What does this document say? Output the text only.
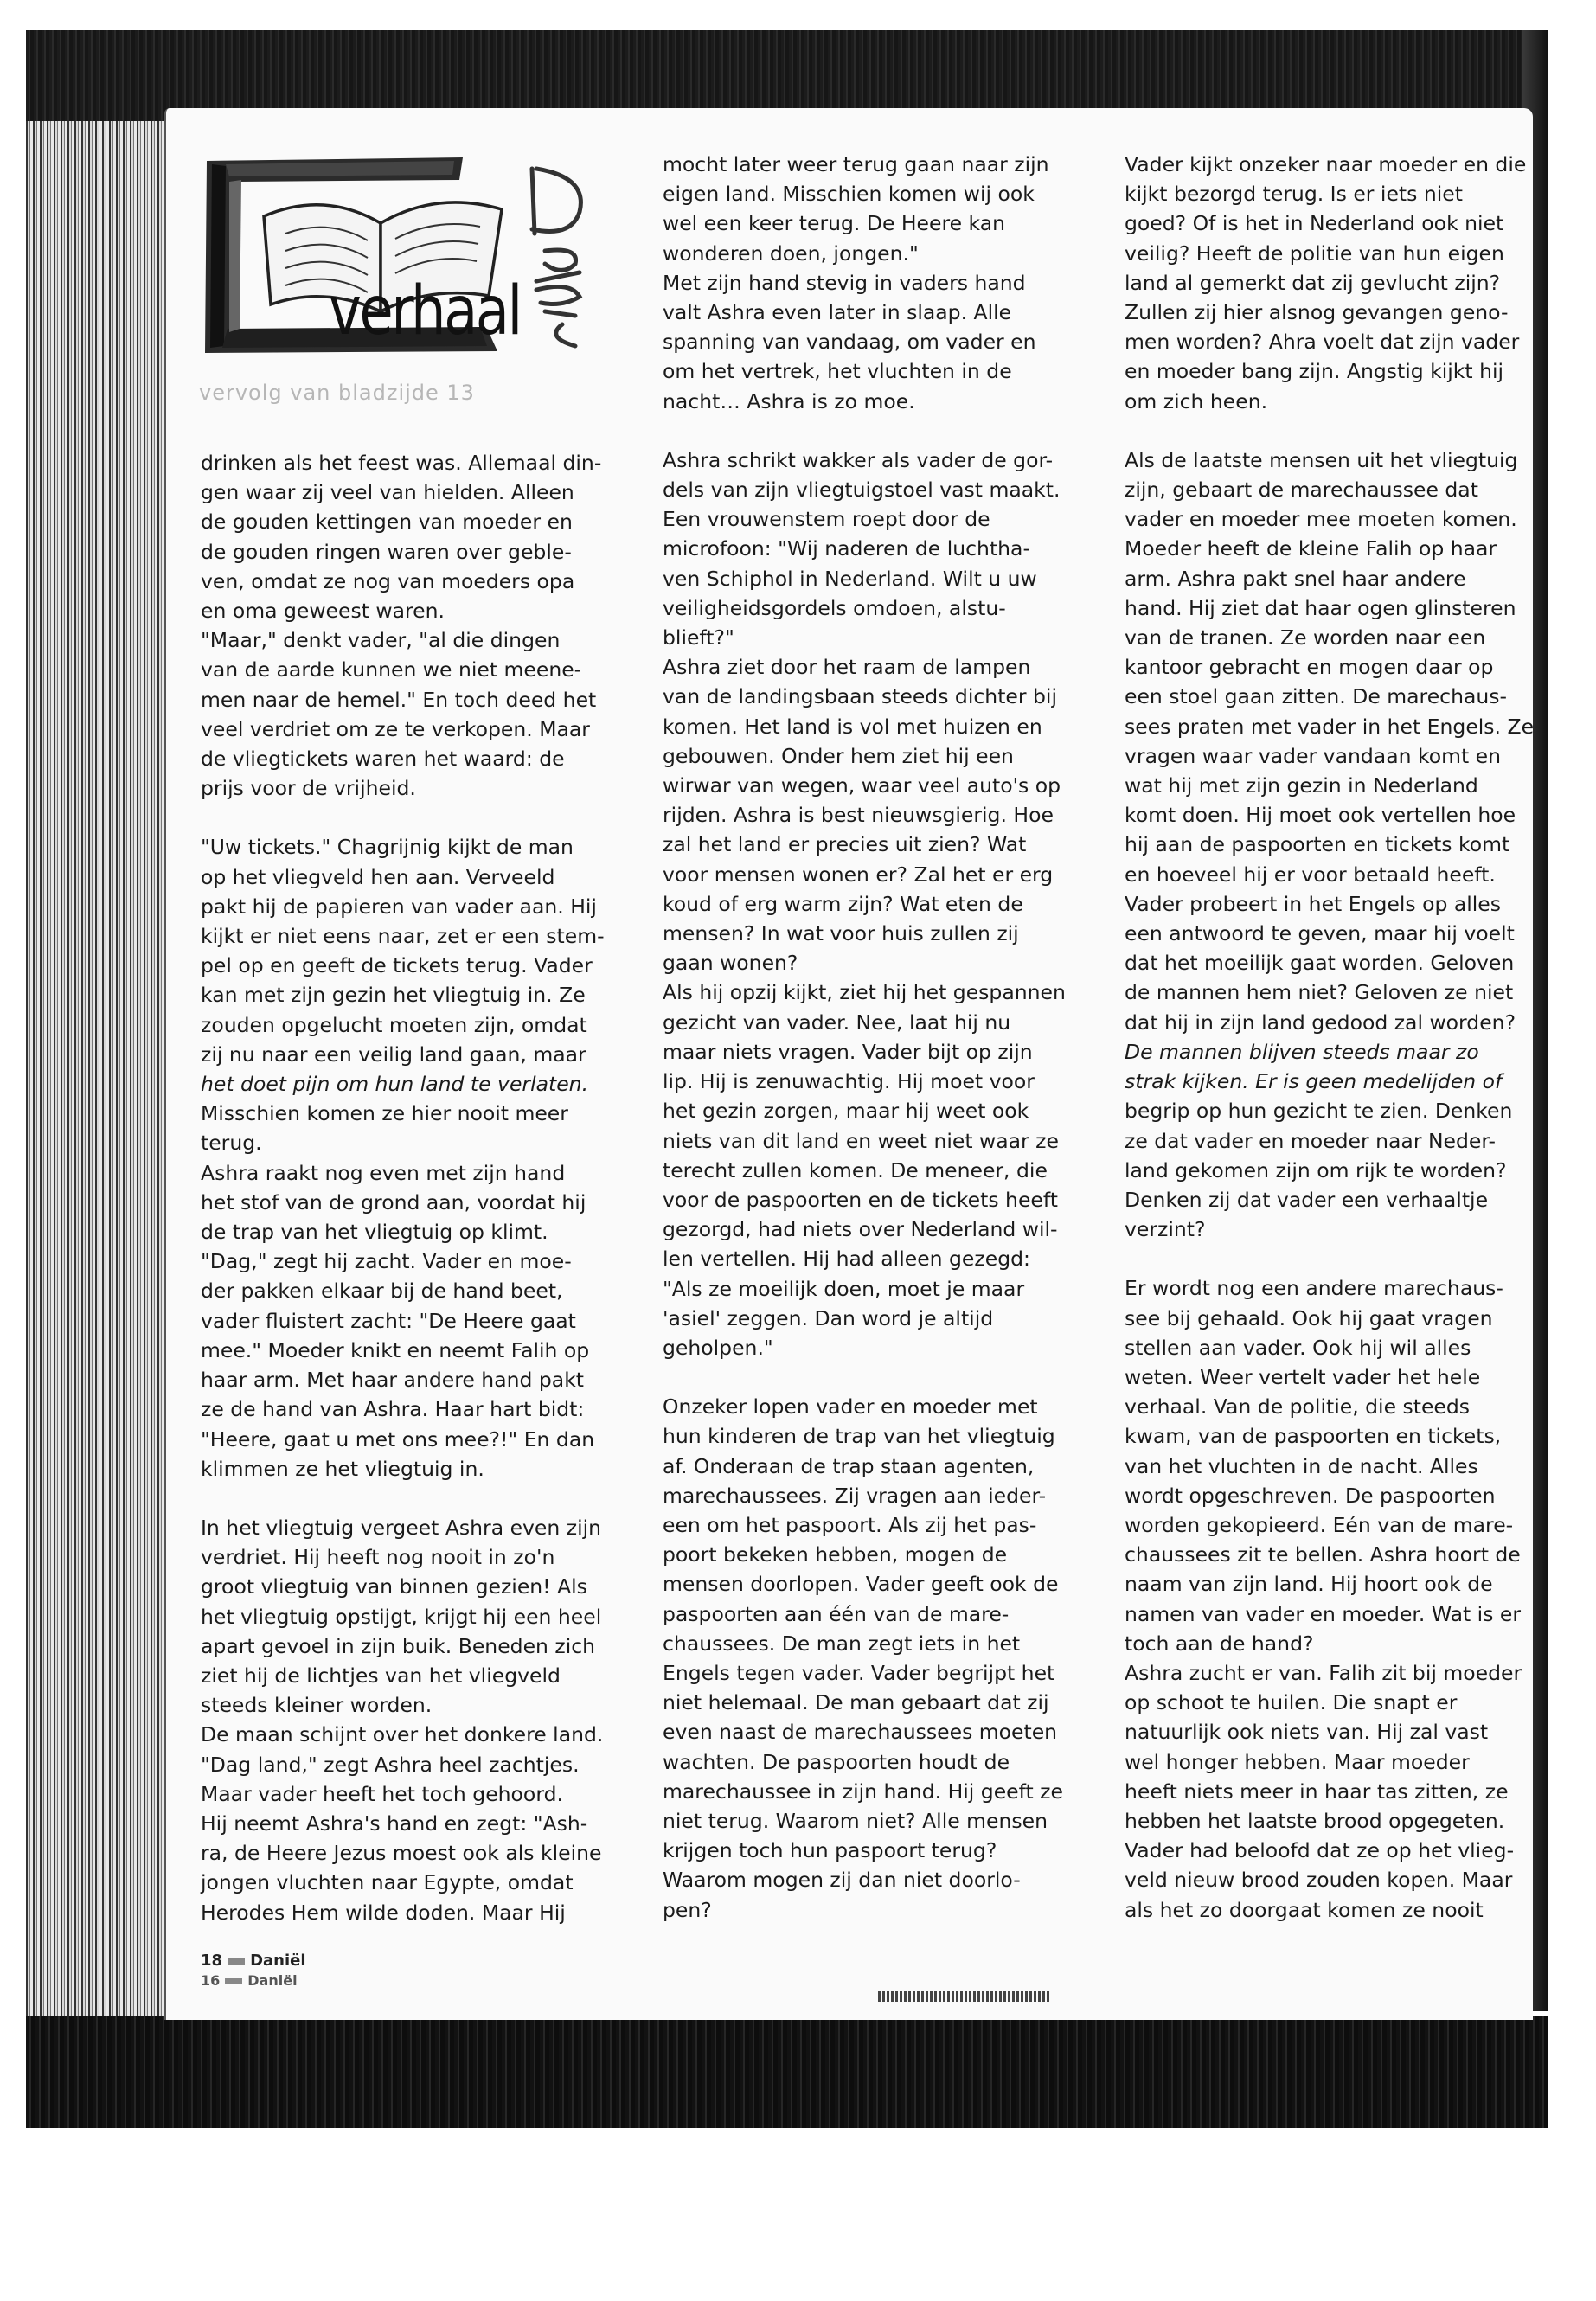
verhaal
vervolg van bladzijde 13

drinken als het feest was. Allemaal din-

gen waar zij veel van hielden. Alleen

de gouden kettingen van moeder en

de gouden ringen waren over geble-

ven, omdat ze nog van moeders opa

en oma geweest waren.

"Maar," denkt vader, "al die dingen

van de aarde kunnen we niet meene-

men naar de hemel." En toch deed het

veel verdriet om ze te verkopen. Maar

de vliegtickets waren het waard: de

prijs voor de vrijheid.

"Uw tickets." Chagrijnig kijkt de man

op het vliegveld hen aan. Verveeld

pakt hij de papieren van vader aan. Hij

kijkt er niet eens naar, zet er een stem-

pel op en geeft de tickets terug. Vader

kan met zijn gezin het vliegtuig in. Ze

zouden opgelucht moeten zijn, omdat

zij nu naar een veilig land gaan, maar

het doet pijn om hun land te verlaten.

Misschien komen ze hier nooit meer

terug.

Ashra raakt nog even met zijn hand

het stof van de grond aan, voordat hij

de trap van het vliegtuig op klimt.

"Dag," zegt hij zacht. Vader en moe-

der pakken elkaar bij de hand beet,

vader fluistert zacht: "De Heere gaat

mee." Moeder knikt en neemt Falih op

haar arm. Met haar andere hand pakt

ze de hand van Ashra. Haar hart bidt:

"Heere, gaat u met ons mee?!" En dan

klimmen ze het vliegtuig in.

In het vliegtuig vergeet Ashra even zijn

verdriet. Hij heeft nog nooit in zo'n

groot vliegtuig van binnen gezien! Als

het vliegtuig opstijgt, krijgt hij een heel

apart gevoel in zijn buik. Beneden zich

ziet hij de lichtjes van het vliegveld

steeds kleiner worden.

De maan schijnt over het donkere land.

"Dag land," zegt Ashra heel zachtjes.

Maar vader heeft het toch gehoord.

Hij neemt Ashra's hand en zegt: "Ash-

ra, de Heere Jezus moest ook als kleine

jongen vluchten naar Egypte, omdat

Herodes Hem wilde doden. Maar Hij

mocht later weer terug gaan naar zijn

eigen land. Misschien komen wij ook

wel een keer terug. De Heere kan

wonderen doen, jongen."

Met zijn hand stevig in vaders hand

valt Ashra even later in slaap. Alle

spanning van vandaag, om vader en

om het vertrek, het vluchten in de

nacht… Ashra is zo moe.

Ashra schrikt wakker als vader de gor-

dels van zijn vliegtuigstoel vast maakt.

Een vrouwenstem roept door de

microfoon: "Wij naderen de luchtha-

ven Schiphol in Nederland. Wilt u uw

veiligheidsgordels omdoen, alstu-

blieft?"

Ashra ziet door het raam de lampen

van de landingsbaan steeds dichter bij

komen. Het land is vol met huizen en

gebouwen. Onder hem ziet hij een

wirwar van wegen, waar veel auto's op

rijden. Ashra is best nieuwsgierig. Hoe

zal het land er precies uit zien? Wat

voor mensen wonen er? Zal het er erg

koud of erg warm zijn? Wat eten de

mensen? In wat voor huis zullen zij

gaan wonen?

Als hij opzij kijkt, ziet hij het gespannen

gezicht van vader. Nee, laat hij nu

maar niets vragen. Vader bijt op zijn

lip. Hij is zenuwachtig. Hij moet voor

het gezin zorgen, maar hij weet ook

niets van dit land en weet niet waar ze

terecht zullen komen. De meneer, die

voor de paspoorten en de tickets heeft

gezorgd, had niets over Nederland wil-

len vertellen. Hij had alleen gezegd:

"Als ze moeilijk doen, moet je maar

'asiel' zeggen. Dan word je altijd

geholpen."

Onzeker lopen vader en moeder met

hun kinderen de trap van het vliegtuig

af. Onderaan de trap staan agenten,

marechaussees. Zij vragen aan ieder-

een om het paspoort. Als zij het pas-

poort bekeken hebben, mogen de

mensen doorlopen. Vader geeft ook de

paspoorten aan één van de mare-

chaussees. De man zegt iets in het

Engels tegen vader. Vader begrijpt het

niet helemaal. De man gebaart dat zij

even naast de marechaussees moeten

wachten. De paspoorten houdt de

marechaussee in zijn hand. Hij geeft ze

niet terug. Waarom niet? Alle mensen

krijgen toch hun paspoort terug?

Waarom mogen zij dan niet doorlo-

pen?

Vader kijkt onzeker naar moeder en die

kijkt bezorgd terug. Is er iets niet

goed? Of is het in Nederland ook niet

veilig? Heeft de politie van hun eigen

land al gemerkt dat zij gevlucht zijn?

Zullen zij hier alsnog gevangen geno-

men worden? Ahra voelt dat zijn vader

en moeder bang zijn. Angstig kijkt hij

om zich heen.

Als de laatste mensen uit het vliegtuig

zijn, gebaart de marechaussee dat

vader en moeder mee moeten komen.

Moeder heeft de kleine Falih op haar

arm. Ashra pakt snel haar andere

hand. Hij ziet dat haar ogen glinsteren

van de tranen. Ze worden naar een

kantoor gebracht en mogen daar op

een stoel gaan zitten. De marechaus-

sees praten met vader in het Engels. Ze

vragen waar vader vandaan komt en

wat hij met zijn gezin in Nederland

komt doen. Hij moet ook vertellen hoe

hij aan de paspoorten en tickets komt

en hoeveel hij er voor betaald heeft.

Vader probeert in het Engels op alles

een antwoord te geven, maar hij voelt

dat het moeilijk gaat worden. Geloven

de mannen hem niet? Geloven ze niet

dat hij in zijn land gedood zal worden?

De mannen blijven steeds maar zo

strak kijken. Er is geen medelijden of

begrip op hun gezicht te zien. Denken

ze dat vader en moeder naar Neder-

land gekomen zijn om rijk te worden?

Denken zij dat vader een verhaaltje

verzint?

Er wordt nog een andere marechaus-

see bij gehaald. Ook hij gaat vragen

stellen aan vader. Ook hij wil alles

weten. Weer vertelt vader het hele

verhaal. Van de politie, die steeds

kwam, van de paspoorten en tickets,

van het vluchten in de nacht. Alles

wordt opgeschreven. De paspoorten

worden gekopieerd. Eén van de mare-

chaussees zit te bellen. Ashra hoort de

naam van zijn land. Hij hoort ook de

namen van vader en moeder. Wat is er

toch aan de hand?

Ashra zucht er van. Falih zit bij moeder

op schoot te huilen. Die snapt er

natuurlijk ook niets van. Hij zal vast

wel honger hebben. Maar moeder

heeft niets meer in haar tas zitten, ze

hebben het laatste brood opgegeten.

Vader had beloofd dat ze op het vlieg-

veld nieuw brood zouden kopen. Maar

als het zo doorgaat komen ze nooit

18 Daniël
16 Daniël
